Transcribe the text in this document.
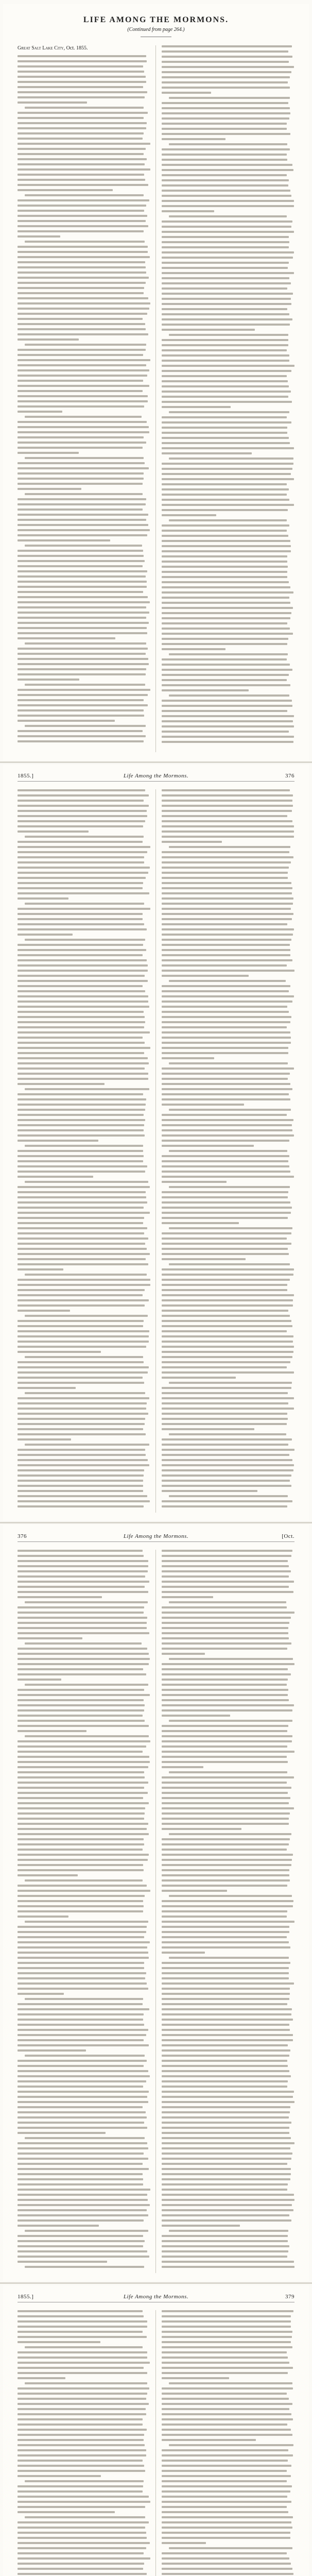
LIFE AMONG THE MORMONS.
(Continued from page 264.)
Great Salt Lake City, Oct. 1855.
1855.]	Life Among the Mormons.	376
376	Life Among the Mormons.	[Oct.
1855.]	Life Among the Mormons.	379
